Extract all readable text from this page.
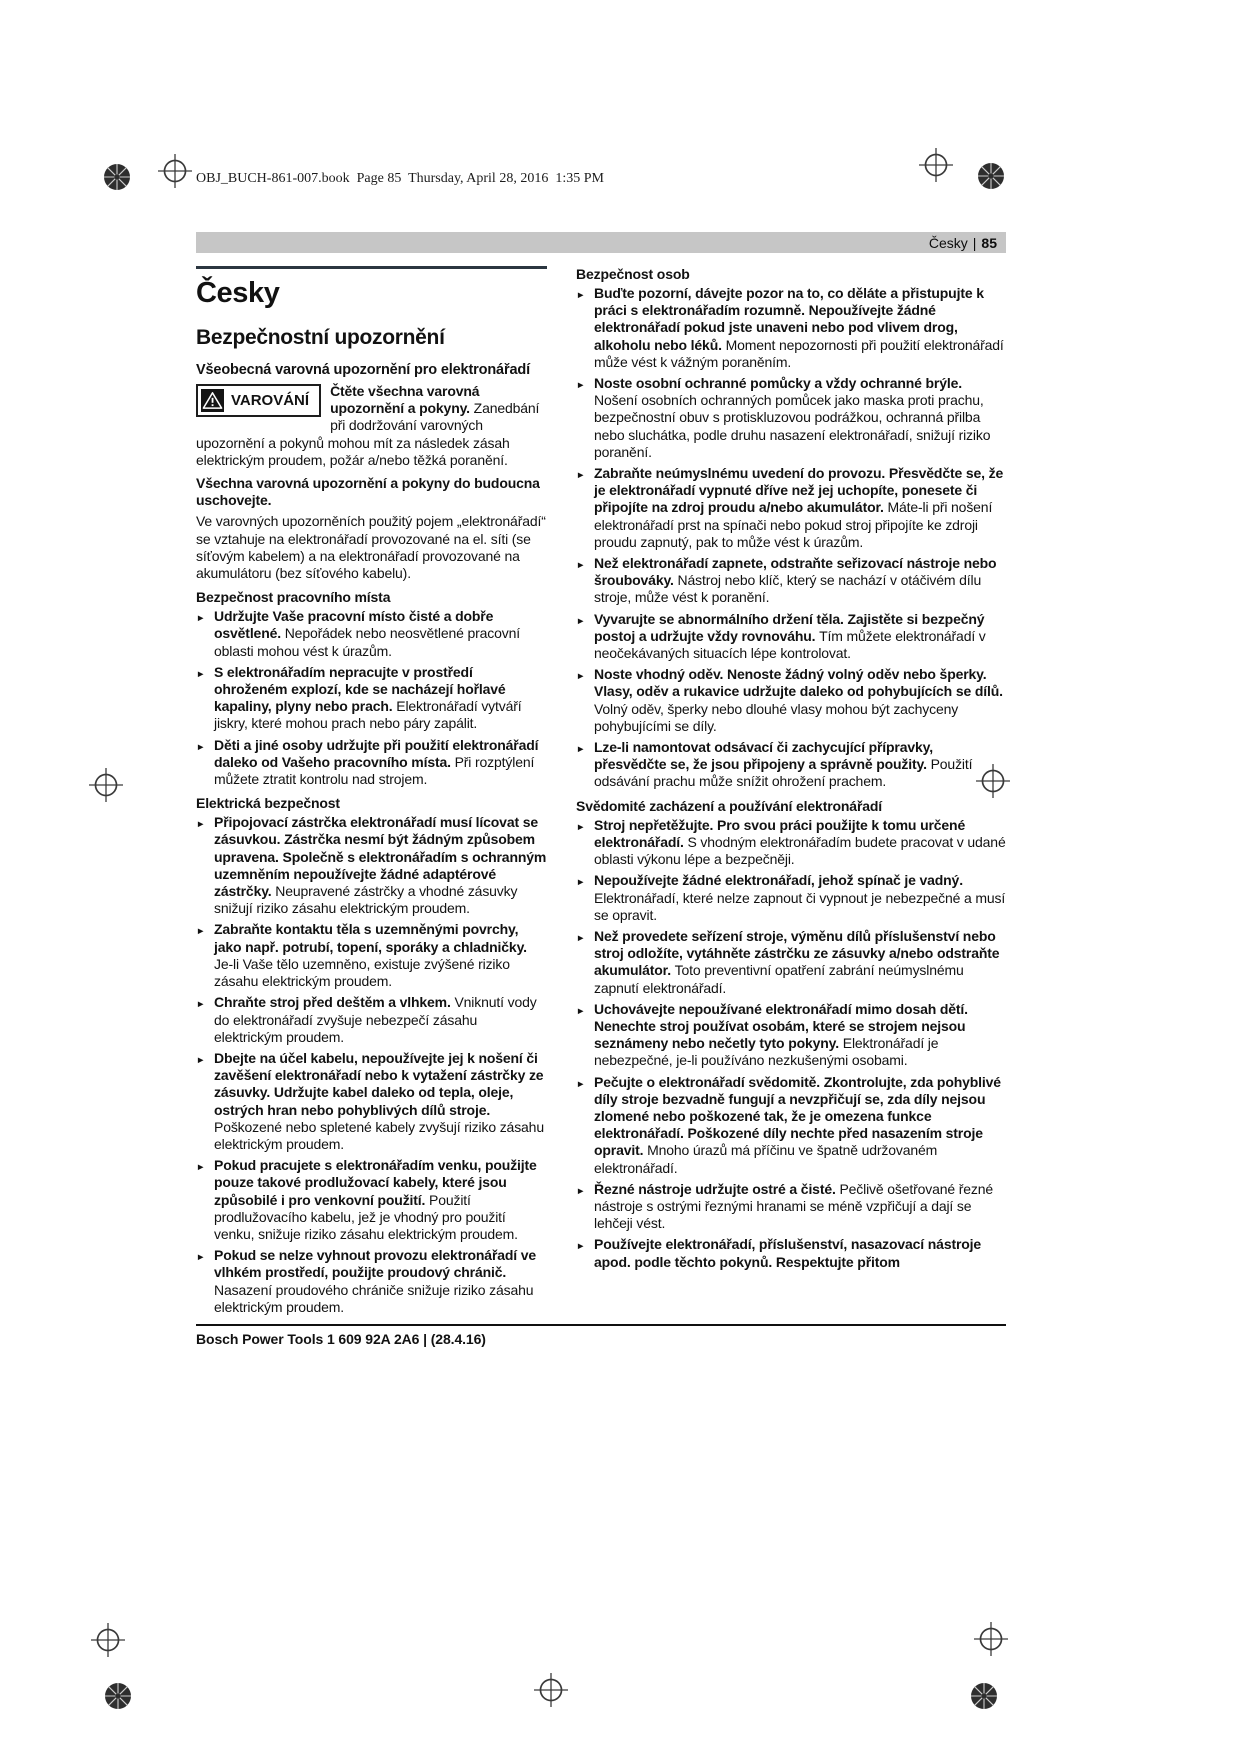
OBJ_BUCH-861-007.book  Page 85  Thursday, April 28, 2016  1:35 PM
Česky | 85
Česky
Bezpečnostní upozornění
Všeobecná varovná upozornění pro elektronářadí
VAROVÁNÍ
Čtěte všechna varovná upozornění a pokyny. Zanedbání při dodržování varovných upozornění a pokynů mohou mít za následek zásah elektrickým proudem, požár a/nebo těžká poranění.

Všechna varovná upozornění a pokyny do budoucna uschovejte.

Ve varovných upozorněních použitý pojem „elektronářadí“ se vztahuje na elektronářadí provozované na el. síti (se síťovým kabelem) a na elektronářadí provozované na akumulátoru (bez síťového kabelu).

Bezpečnost pracovního místa

► Udržujte Vaše pracovní místo čisté a dobře osvětlené. Nepořádek nebo neosvětlené pracovní oblasti mohou vést k úrazům.

► S elektronářadím nepracujte v prostředí ohroženém explozí, kde se nacházejí hořlavé kapaliny, plyny nebo prach. Elektronářadí vytváří jiskry, které mohou prach nebo páry zapálit.

► Děti a jiné osoby udržujte při použití elektronářadí daleko od Vašeho pracovního místa. Při rozptýlení můžete ztratit kontrolu nad strojem.

Elektrická bezpečnost

► Připojovací zástrčka elektronářadí musí lícovat se zásuvkou. Zástrčka nesmí být žádným způsobem upravena. Společně s elektronářadím s ochranným uzemněním nepoužívejte žádné adaptérové zástrčky. Neupravené zástrčky a vhodné zásuvky snižují riziko zásahu elektrickým proudem.

► Zabraňte kontaktu těla s uzemněnými povrchy, jako např. potrubí, topení, sporáky a chladničky. Je-li Vaše tělo uzemněno, existuje zvýšené riziko zásahu elektrickým proudem.

► Chraňte stroj před deštěm a vlhkem. Vniknutí vody do elektronářadí zvyšuje nebezpečí zásahu elektrickým proudem.

► Dbejte na účel kabelu, nepoužívejte jej k nošení či zavěšení elektronářadí nebo k vytažení zástrčky ze zásuvky. Udržujte kabel daleko od tepla, oleje, ostrých hran nebo pohyblivých dílů stroje. Poškozené nebo spletené kabely zvyšují riziko zásahu elektrickým proudem.

► Pokud pracujete s elektronářadím venku, použijte pouze takové prodlužovací kabely, které jsou způsobilé i pro venkovní použití. Použití prodlužovacího kabelu, jež je vhodný pro použití venku, snižuje riziko zásahu elektrickým proudem.

► Pokud se nelze vyhnout provozu elektronářadí ve vlhkém prostředí, použijte proudový chránič. Nasazení proudového chrániče snižuje riziko zásahu elektrickým proudem.

Bezpečnost osob

► Buďte pozorní, dávejte pozor na to, co děláte a přistupujte k práci s elektronářadím rozumně. Nepoužívejte žádné elektronářadí pokud jste unaveni nebo pod vlivem drog, alkoholu nebo léků. Moment nepozornosti při použití elektronářadí může vést k vážným poraněním.

► Noste osobní ochranné pomůcky a vždy ochranné brýle. Nošení osobních ochranných pomůcek jako maska proti prachu, bezpečnostní obuv s protiskluzovou podrážkou, ochranná přilba nebo sluchátka, podle druhu nasazení elektronářadí, snižují riziko poranění.

► Zabraňte neúmyslnému uvedení do provozu. Přesvědčte se, že je elektronářadí vypnuté dříve než jej uchopíte, ponesete či připojíte na zdroj proudu a/nebo akumulátor. Máte-li při nošení elektronářadí prst na spínači nebo pokud stroj připojíte ke zdroji proudu zapnutý, pak to může vést k úrazům.

► Než elektronářadí zapnete, odstraňte seřizovací nástroje nebo šroubováky. Nástroj nebo klíč, který se nachází v otáčivém dílu stroje, může vést k poranění.

► Vyvarujte se abnormálního držení těla. Zajistěte si bezpečný postoj a udržujte vždy rovnováhu. Tím můžete elektronářadí v neočekávaných situacích lépe kontrolovat.

► Noste vhodný oděv. Nenoste žádný volný oděv nebo šperky. Vlasy, oděv a rukavice udržujte daleko od pohybujících se dílů. Volný oděv, šperky nebo dlouhé vlasy mohou být zachyceny pohybujícími se díly.

► Lze-li namontovat odsávací či zachycující přípravky, přesvědčte se, že jsou připojeny a správně použity. Použití odsávání prachu může snížit ohrožení prachem.

Svědomité zacházení a používání elektronářadí

► Stroj nepřetěžujte. Pro svou práci použijte k tomu určené elektronářadí. S vhodným elektronářadím budete pracovat v udané oblasti výkonu lépe a bezpečněji.

► Nepoužívejte žádné elektronářadí, jehož spínač je vadný. Elektronářadí, které nelze zapnout či vypnout je nebezpečné a musí se opravit.

► Než provedete seřízení stroje, výměnu dílů příslušenství nebo stroj odložíte, vytáhněte zástrčku ze zásuvky a/nebo odstraňte akumulátor. Toto preventivní opatření zabrání neúmyslnému zapnutí elektronářadí.

► Uchovávejte nepoužívané elektronářadí mimo dosah dětí. Nenechte stroj používat osobám, které se strojem nejsou seznámeny nebo nečetly tyto pokyny. Elektronářadí je nebezpečné, je-li používáno nezkušenými osobami.

► Pečujte o elektronářadí svědomitě. Zkontrolujte, zda pohyblivé díly stroje bezvadně fungují a nevzpřičují se, zda díly nejsou zlomené nebo poškozené tak, že je omezena funkce elektronářadí. Poškozené díly nechte před nasazením stroje opravit. Mnoho úrazů má příčinu ve špatně udržovaném elektronářadí.

► Řezné nástroje udržujte ostré a čisté. Pečlivě ošetřované řezné nástroje s ostrými řeznými hranami se méně vzpřičují a dají se lehčeji vést.

► Používejte elektronářadí, příslušenství, nasazovací nástroje apod. podle těchto pokynů. Respektujte přitom

Bosch Power Tools 1 609 92A 2A6 | (28.4.16)
